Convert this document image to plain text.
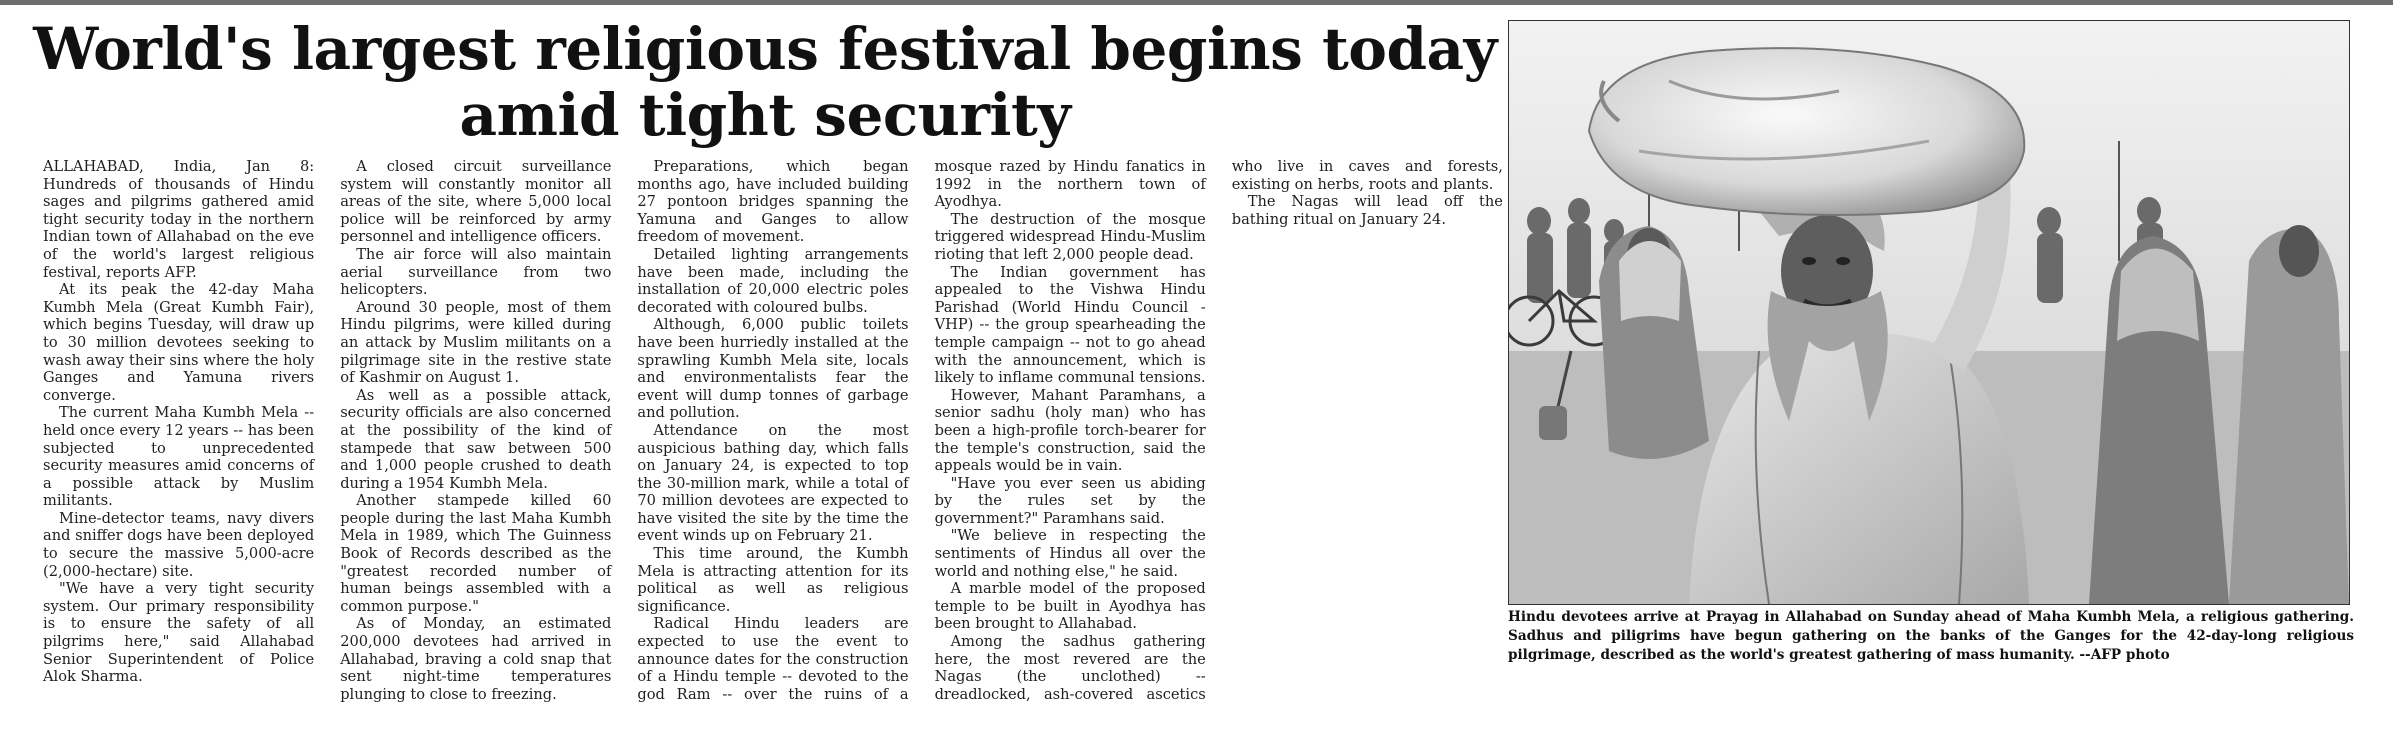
World's largest religious festival begins today
amid tight security

ALLAHABAD, India, Jan 8: Hundreds of thousands of Hindu sages and pilgrims gathered amid tight security today in the northern Indian town of Allahabad on the eve of the world's largest religious festival, reports AFP.

At its peak the 42-day Maha Kumbh Mela (Great Kumbh Fair), which begins Tuesday, will draw up to 30 million devotees seeking to wash away their sins where the holy Ganges and Yamuna rivers converge.

The current Maha Kumbh Mela -- held once every 12 years -- has been subjected to unprecedented security measures amid concerns of a possible attack by Muslim militants.

Mine-detector teams, navy divers and sniffer dogs have been deployed to secure the massive 5,000-acre (2,000-hectare) site.

"We have a very tight security system. Our primary responsibility is to ensure the safety of all pilgrims here," said Allahabad Senior Superintendent of Police Alok Sharma.

A closed circuit surveillance system will constantly monitor all areas of the site, where 5,000 local police will be reinforced by army personnel and intelligence officers.

The air force will also maintain aerial surveillance from two helicopters.

Around 30 people, most of them Hindu pilgrims, were killed during an attack by Muslim militants on a pilgrimage site in the restive state of Kashmir on August 1.

As well as a possible attack, security officials are also concerned at the possibility of the kind of stampede that saw between 500 and 1,000 people crushed to death during a 1954 Kumbh Mela.

Another stampede killed 60 people during the last Maha Kumbh Mela in 1989, which The Guinness Book of Records described as the "greatest recorded number of human beings assembled with a common purpose."

As of Monday, an estimated 200,000 devotees had arrived in Allahabad, braving a cold snap that sent night-time temperatures plunging to close to freezing.

Preparations, which began months ago, have included building 27 pontoon bridges spanning the Yamuna and Ganges to allow freedom of movement.

Detailed lighting arrangements have been made, including the installation of 20,000 electric poles decorated with coloured bulbs.

Although, 6,000 public toilets have been hurriedly installed at the sprawling Kumbh Mela site, locals and environmentalists fear the event will dump tonnes of garbage and pollution.

Attendance on the most auspicious bathing day, which falls on January 24, is expected to top the 30-million mark, while a total of 70 million devotees are expected to have visited the site by the time the event winds up on February 21.

This time around, the Kumbh Mela is attracting attention for its political as well as religious significance.

Radical Hindu leaders are expected to use the event to announce dates for the construction of a Hindu temple -- devoted to the god Ram -- over the ruins of a mosque razed by Hindu fanatics in 1992 in the northern town of Ayodhya.

The destruction of the mosque triggered widespread Hindu-Muslim rioting that left 2,000 people dead.

The Indian government has appealed to the Vishwa Hindu Parishad (World Hindu Council - VHP) -- the group spearheading the temple campaign -- not to go ahead with the announcement, which is likely to inflame communal tensions.

However, Mahant Paramhans, a senior sadhu (holy man) who has been a high-profile torch-bearer for the temple's construction, said the appeals would be in vain.

"Have you ever seen us abiding by the rules set by the government?" Paramhans said.

"We believe in respecting the sentiments of Hindus all over the world and nothing else," he said.

A marble model of the proposed temple to be built in Ayodhya has been brought to Allahabad.

Among the sadhus gathering here, the most revered are the Nagas (the unclothed) -- dreadlocked, ash-covered ascetics who live in caves and forests, existing on herbs, roots and plants.

The Nagas will lead off the bathing ritual on January 24.

Hindu devotees arrive at Prayag in Allahabad on Sunday ahead of Maha Kumbh Mela, a religious gathering. Sadhus and piligrims have begun gathering on the banks of the Ganges for the 42-day-long religious pilgrimage, described as the world's greatest gathering of mass humanity. --AFP photo
